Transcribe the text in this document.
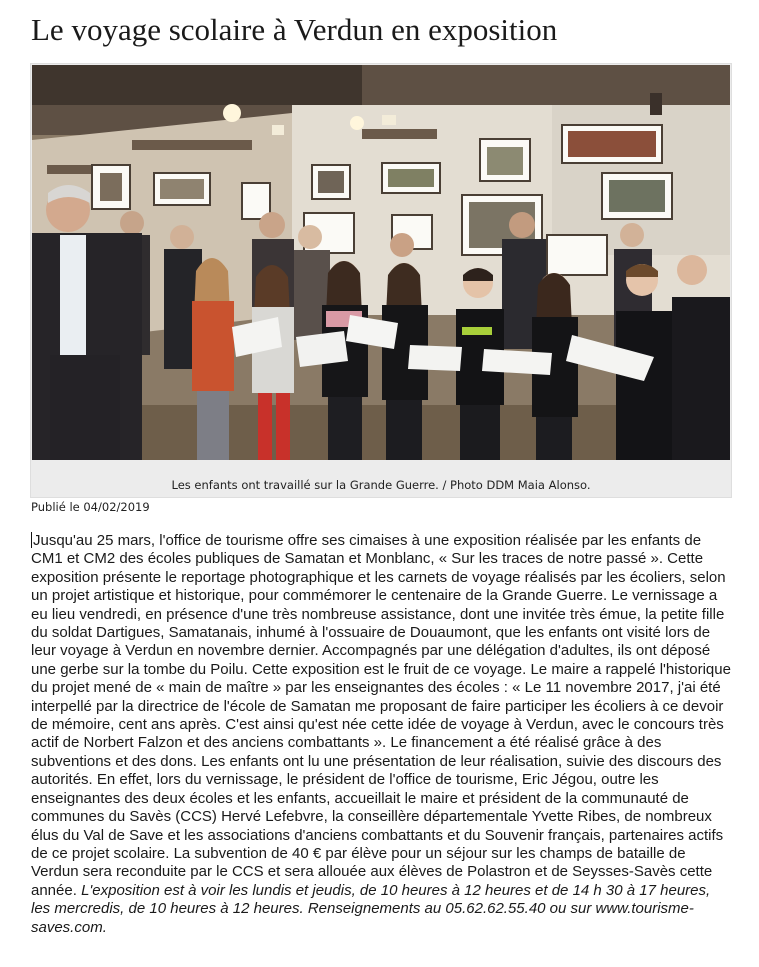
Le voyage scolaire à Verdun en exposition
Les enfants ont travaillé sur la Grande Guerre. / Photo DDM Maia Alonso.
Publié le 04/02/2019

Jusqu'au 25 mars, l'office de tourisme offre ses cimaises à une exposition réalisée par les enfants de CM1 et CM2 des écoles publiques de Samatan et Monblanc, « Sur les traces de notre passé ». Cette exposition présente le reportage photographique et les carnets de voyage réalisés par les écoliers, selon un projet artistique et historique, pour commémorer le centenaire de la Grande Guerre. Le vernissage a eu lieu vendredi, en présence d'une très nombreuse assistance, dont une invitée très émue, la petite fille du soldat Dartigues, Samatanais, inhumé à l'ossuaire de Douaumont, que les enfants ont visité lors de leur voyage à Verdun en novembre dernier. Accompagnés par une délégation d'adultes, ils ont déposé une gerbe sur la tombe du Poilu. Cette exposition est le fruit de ce voyage. Le maire a rappelé l'historique du projet mené de « main de maître » par les enseignantes des écoles : « Le 11 novembre 2017, j'ai été interpellé par la directrice de l'école de Samatan me proposant de faire participer les écoliers à ce devoir de mémoire, cent ans après. C'est ainsi qu'est née cette idée de voyage à Verdun, avec le concours très actif de Norbert Falzon et des anciens combattants ». Le financement a été réalisé grâce à des subventions et des dons. Les enfants ont lu une présentation de leur réalisation, suivie des discours des autorités. En effet, lors du vernissage, le président de l'office de tourisme, Eric Jégou, outre les enseignantes des deux écoles et les enfants, accueillait le maire et président de la communauté de communes du Savès (CCS) Hervé Lefebvre, la conseillère départementale Yvette Ribes, de nombreux élus du Val de Save et les associations d'anciens combattants et du Souvenir français, partenaires actifs de ce projet scolaire. La subvention de 40 € par élève pour un séjour sur les champs de bataille de Verdun sera reconduite par le CCS et sera allouée aux élèves de Polastron et de Seysses-Savès cette année. L'exposition est à voir les lundis et jeudis, de 10 heures à 12 heures et de 14 h 30 à 17 heures, les mercredis, de 10 heures à 12 heures. Renseignements au 05.62.62.55.40 ou sur www.tourisme-saves.com.
